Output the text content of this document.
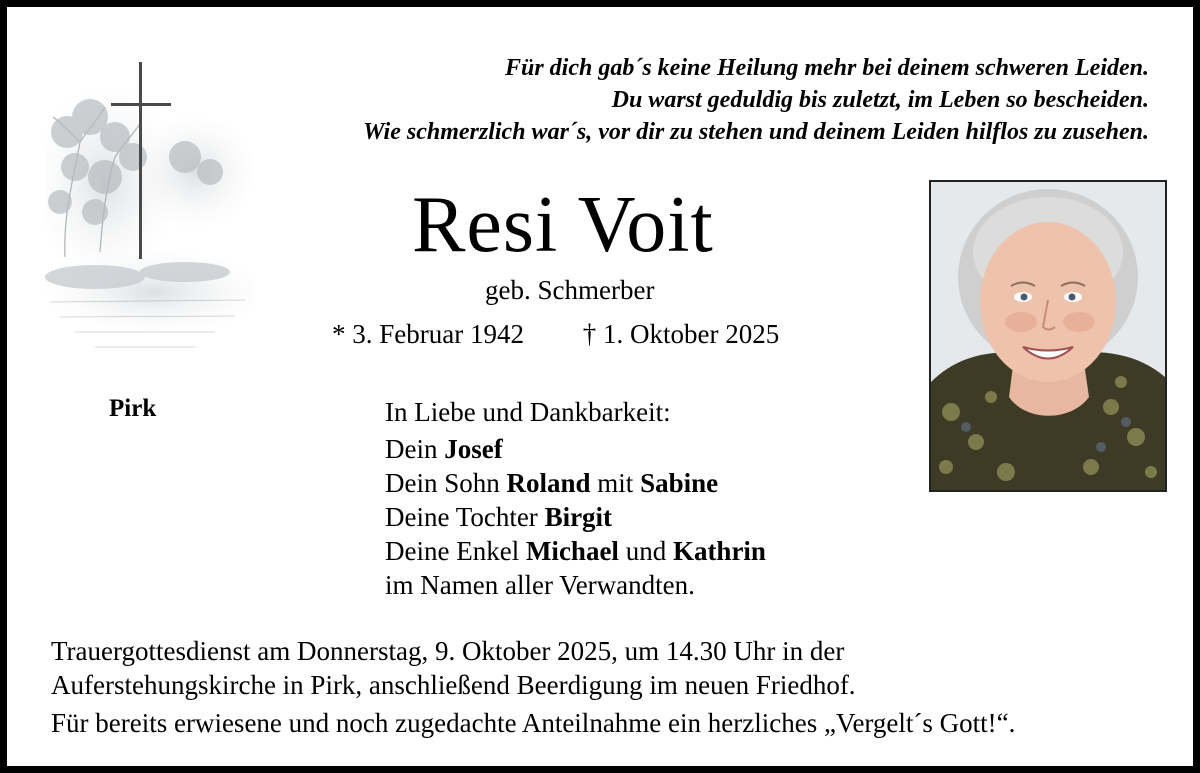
Für dich gab´s keine Heilung mehr bei deinem schweren Leiden.
Du warst geduldig bis zuletzt, im Leben so bescheiden.
Wie schmerzlich war´s, vor dir zu stehen und deinem Leiden hilflos zu zusehen.
Resi Voit
geb. Schmerber
* 3. Februar 1942 † 1. Oktober 2025
Pirk	In Liebe und Dankbarkeit:
Dein Josef
Dein Sohn Roland mit Sabine
Deine Tochter Birgit
Deine Enkel Michael und Kathrin
im Namen aller Verwandten.
Trauergottesdienst am Donnerstag, 9. Oktober 2025, um 14.30 Uhr in der
Auferstehungskirche in Pirk, anschließend Beerdigung im neuen Friedhof.
Für bereits erwiesene und noch zugedachte Anteilnahme ein herzliches „Vergelt´s Gott!“.
